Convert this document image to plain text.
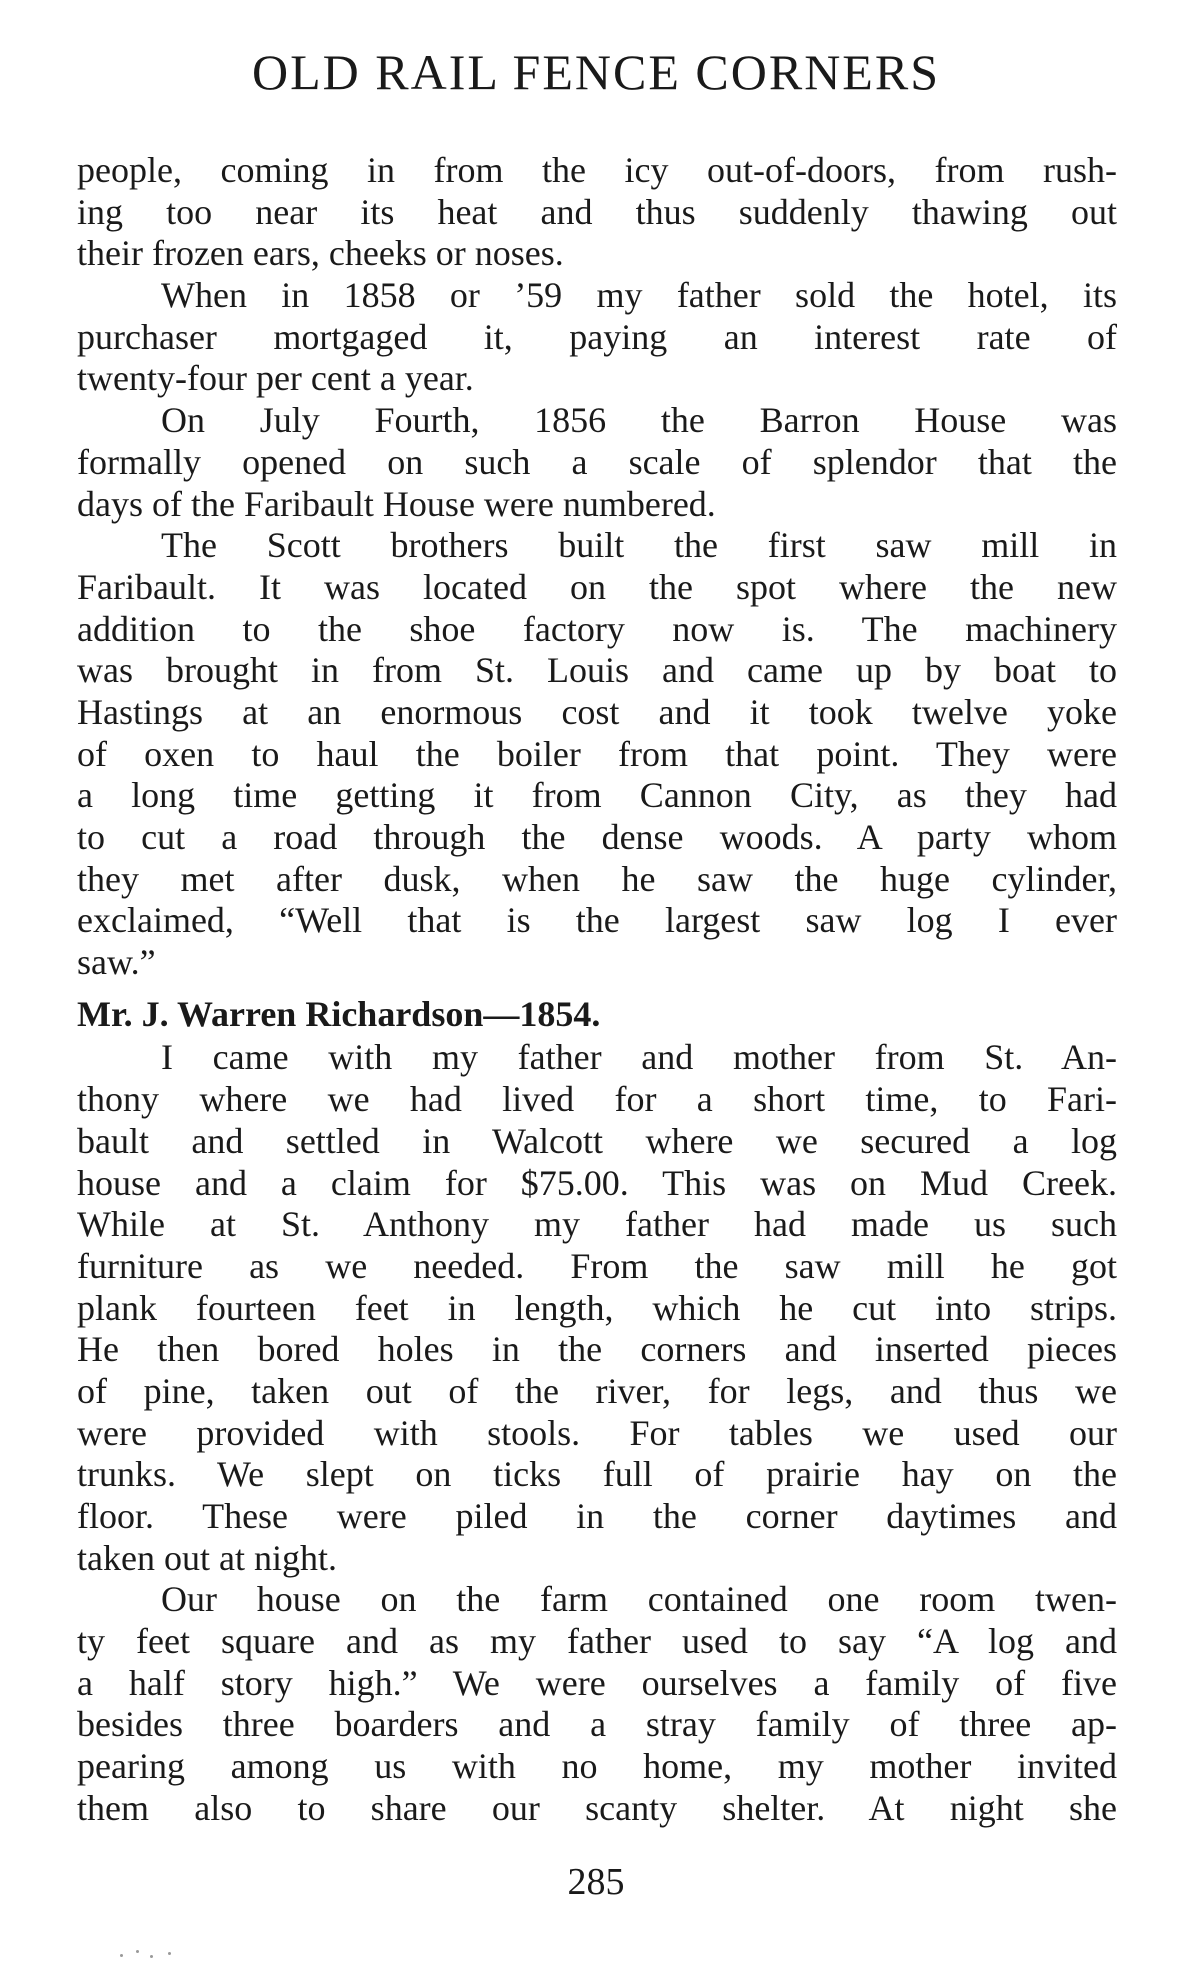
OLD RAIL FENCE CORNERS
people, coming in from the icy out-of-doors, from rush-
ing too near its heat and thus suddenly thawing out
their frozen ears, cheeks or noses.
When in 1858 or ’59 my father sold the hotel, its
purchaser mortgaged it, paying an interest rate of
twenty-four per cent a year.
On July Fourth, 1856 the Barron House was
formally opened on such a scale of splendor that the
days of the Faribault House were numbered.
The Scott brothers built the first saw mill in
Faribault. It was located on the spot where the new
addition to the shoe factory now is. The machinery
was brought in from St. Louis and came up by boat to
Hastings at an enormous cost and it took twelve yoke
of oxen to haul the boiler from that point. They were
a long time getting it from Cannon City, as they had
to cut a road through the dense woods. A party whom
they met after dusk, when he saw the huge cylinder,
exclaimed, “Well that is the largest saw log I ever
saw.”
Mr. J. Warren Richardson—1854.
I came with my father and mother from St. An-
thony where we had lived for a short time, to Fari-
bault and settled in Walcott where we secured a log
house and a claim for $75.00. This was on Mud Creek.
While at St. Anthony my father had made us such
furniture as we needed. From the saw mill he got
plank fourteen feet in length, which he cut into strips.
He then bored holes in the corners and inserted pieces
of pine, taken out of the river, for legs, and thus we
were provided with stools. For tables we used our
trunks. We slept on ticks full of prairie hay on the
floor. These were piled in the corner daytimes and
taken out at night.
Our house on the farm contained one room twen-
ty feet square and as my father used to say “A log and
a half story high.” We were ourselves a family of five
besides three boarders and a stray family of three ap-
pearing among us with no home, my mother invited
them also to share our scanty shelter. At night she
285
